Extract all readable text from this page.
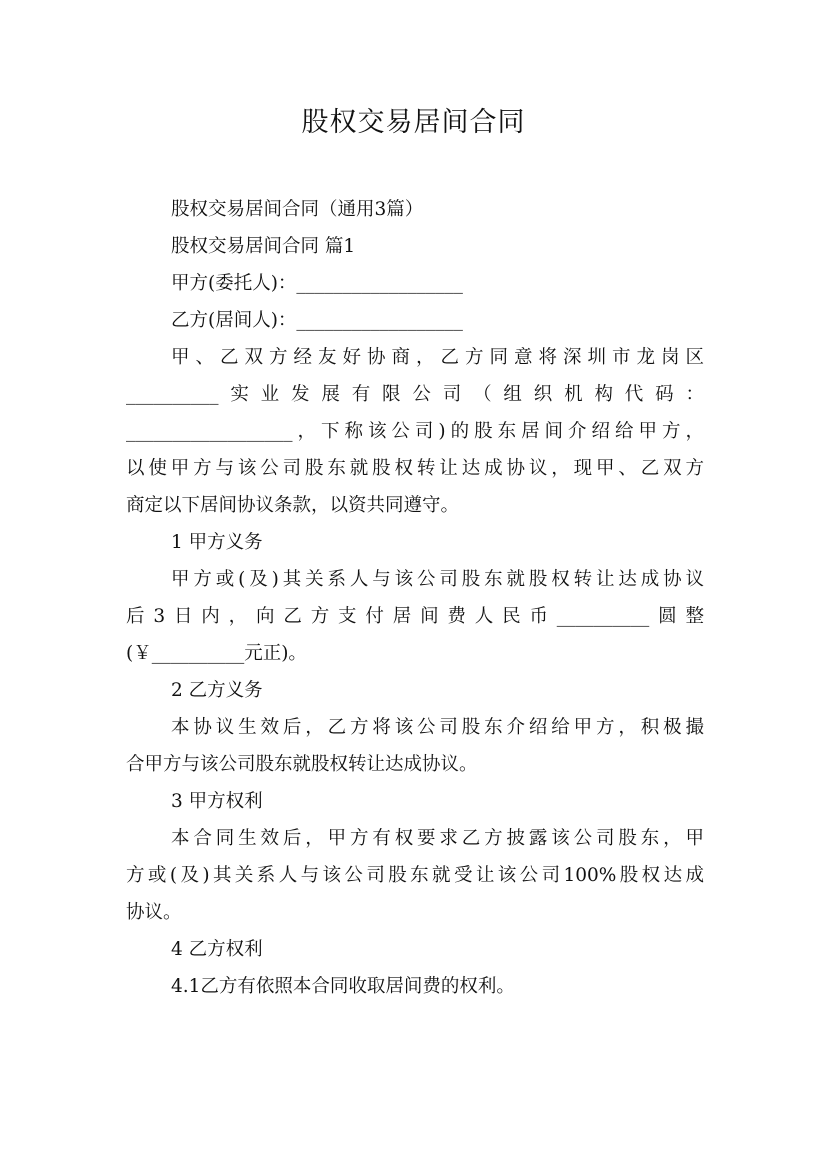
股权交易居间合同
股权交易居间合同（通用3篇）
股权交易居间合同 篇1
甲方(委托人)：__________________
乙方(居间人)：__________________
甲、乙双方经友好协商，乙方同意将深圳市龙岗区
__________实业发展有限公司（组织机构代码：
__________________，下称该公司)的股东居间介绍给甲方，
以使甲方与该公司股东就股权转让达成协议，现甲、乙双方
商定以下居间协议条款，以资共同遵守。
1 甲方义务
甲方或(及)其关系人与该公司股东就股权转让达成协议
后3日内，向乙方支付居间费人民币__________圆整
(￥__________元正)。
2 乙方义务
本协议生效后，乙方将该公司股东介绍给甲方，积极撮
合甲方与该公司股东就股权转让达成协议。
3 甲方权利
本合同生效后，甲方有权要求乙方披露该公司股东，甲
方或(及)其关系人与该公司股东就受让该公司100%股权达成
协议。
4 乙方权利
4.1乙方有依照本合同收取居间费的权利。
